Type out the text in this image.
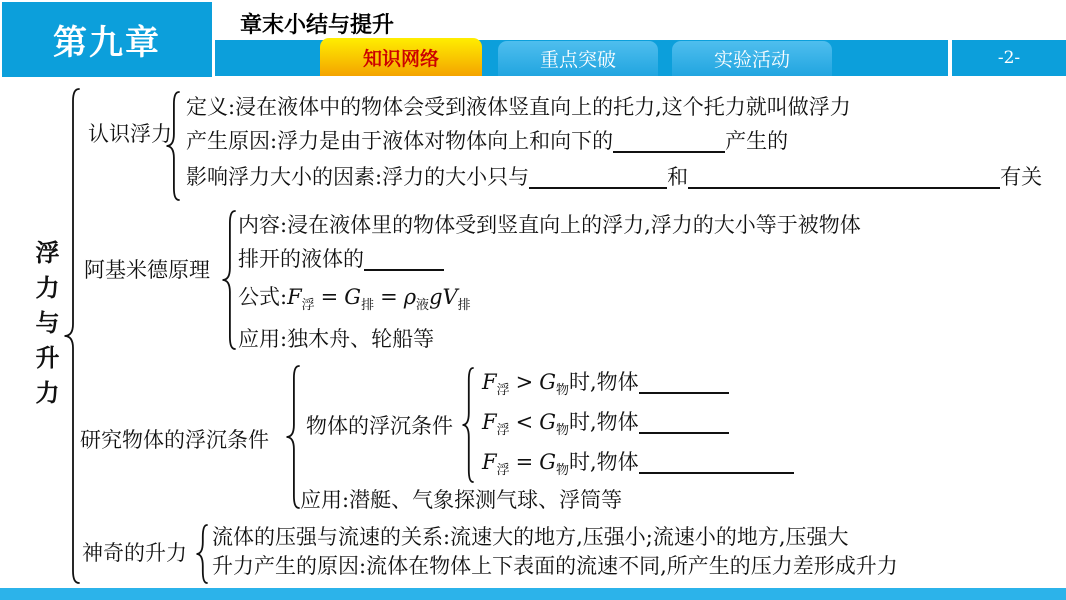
第九章	章末小结与提升
知识网络	重点突破	实验活动	-2-
浮力与升力
认识浮力
定义:浸在液体中的物体会受到液体竖直向上的托力,这个托力就叫做浮力
产生原因:浮力是由于液体对物体向上和向下的	产生的
影响浮力大小的因素:浮力的大小只与	和	有关
阿基米德原理
内容:浸在液体里的物体受到竖直向上的浮力,浮力的大小等于被物体
排开的液体的
公式$:F_浮 = G_排 = \rho_液gV_排$
应用:独木舟、轮船等
研究物体的浮沉条件
物体的浮沉条件
$F_浮 > G_物$时,物体
$F_浮 < G_物$时,物体
$F_浮 = G_物$时,物体
应用:潜艇、气象探测气球、浮筒等
神奇的升力
流体的压强与流速的关系:流速大的地方,压强小;流速小的地方,压强大
升力产生的原因:流体在物体上下表面的流速不同,所产生的压力差形成升力
